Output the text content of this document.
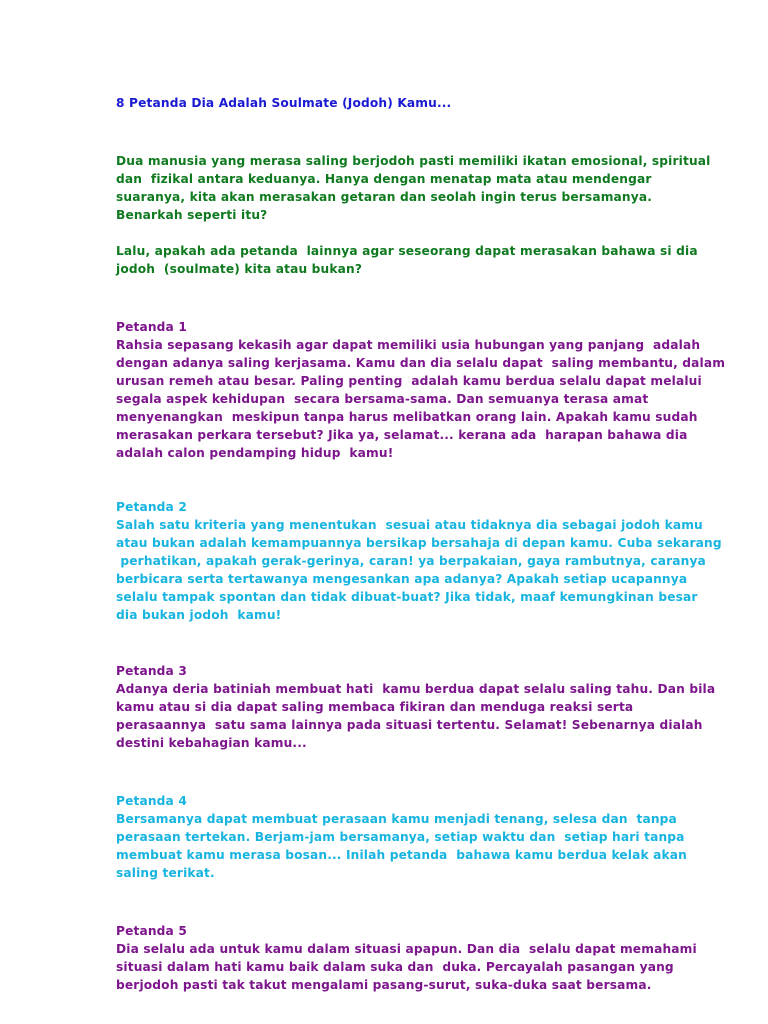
8 Petanda Dia Adalah Soulmate (Jodoh) Kamu...
Dua manusia yang merasa saling berjodoh pasti memiliki ikatan emosional, spiritual
dan  fizikal antara keduanya. Hanya dengan menatap mata atau mendengar
suaranya, kita akan merasakan getaran dan seolah ingin terus bersamanya.
Benarkah seperti itu?
Lalu, apakah ada petanda  lainnya agar seseorang dapat merasakan bahawa si dia
jodoh  (soulmate) kita atau bukan?
Petanda 1
Rahsia sepasang kekasih agar dapat memiliki usia hubungan yang panjang  adalah
dengan adanya saling kerjasama. Kamu dan dia selalu dapat  saling membantu, dalam
urusan remeh atau besar. Paling penting  adalah kamu berdua selalu dapat melalui
segala aspek kehidupan  secara bersama-sama. Dan semuanya terasa amat
menyenangkan  meskipun tanpa harus melibatkan orang lain. Apakah kamu sudah
merasakan perkara tersebut? Jika ya, selamat... kerana ada  harapan bahawa dia
adalah calon pendamping hidup  kamu!
Petanda 2
Salah satu kriteria yang menentukan  sesuai atau tidaknya dia sebagai jodoh kamu
atau bukan adalah kemampuannya bersikap bersahaja di depan kamu. Cuba sekarang
perhatikan, apakah gerak-gerinya, caran! ya berpakaian, gaya rambutnya, caranya
berbicara serta tertawanya mengesankan apa adanya? Apakah setiap ucapannya
selalu tampak spontan dan tidak dibuat-buat? Jika tidak, maaf kemungkinan besar
dia bukan jodoh  kamu!
Petanda 3
Adanya deria batiniah membuat hati  kamu berdua dapat selalu saling tahu. Dan bila
kamu atau si dia dapat saling membaca fikiran dan menduga reaksi serta
perasaannya  satu sama lainnya pada situasi tertentu. Selamat! Sebenarnya dialah
destini kebahagian kamu...
Petanda 4
Bersamanya dapat membuat perasaan kamu menjadi tenang, selesa dan  tanpa
perasaan tertekan. Berjam-jam bersamanya, setiap waktu dan  setiap hari tanpa
membuat kamu merasa bosan... Inilah petanda  bahawa kamu berdua kelak akan
saling terikat.
Petanda 5
Dia selalu ada untuk kamu dalam situasi apapun. Dan dia  selalu dapat memahami
situasi dalam hati kamu baik dalam suka dan  duka. Percayalah pasangan yang
berjodoh pasti tak takut mengalami pasang-surut, suka-duka saat bersama.
